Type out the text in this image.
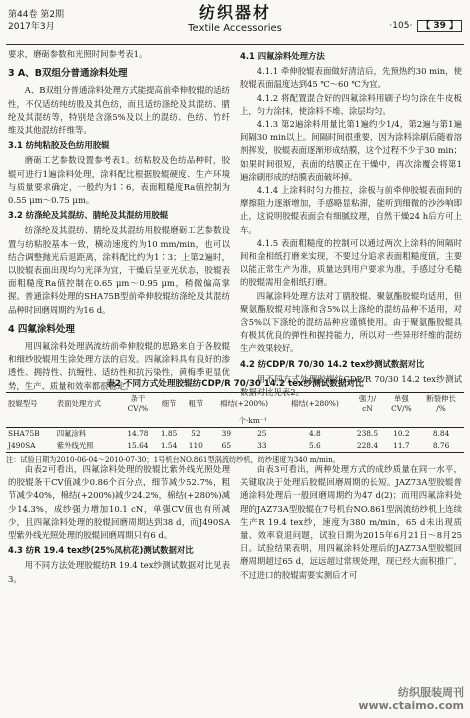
第44卷 第2期
2017年3月
纺织器材
Textile Accessories	·105· 【 39 】

要求，磨砺参数和光照时间参考表1。

3 A、B双组分普通涂料处理

A、B双组分普通涂料处理方式能提高前牵伸胶辊的适纺性，不仅适纺纯纺股及其色纺，而且适纺涤纶及其混纺、腈纶及其混纺等，特别是含涤5%及以上的混纺、色纺、竹纤维及其他混纺纤维等。

3.1 纺纯粘胶及色纺用胶辊

磨砺工艺参数设置参考表1。纺粘胶及色纺品种时，胶辊可进行1遍涂料处理，涂料配比根据胶辊硬度、生产环境与质量要求确定，一般约为1∶6，表面粗糙度Ra值控制为0.55 μm～0.75 μm。

3.2 纺涤纶及其混纺、腈纶及其混纺用胶辊

纺涤纶及其混纺、腈纶及其混纺用胶辊磨砺工艺参数设置与纺粘胶基本一致，横动速度约为10 mm/min，也可以结合调整抛光后退距离，涂料配比约为1∶3；上第2遍时，以胶辊表面出现均匀光泽为宜，干燥后呈亚光状态，胶辊表面粗糙度Ra值控制在0.65 μm～0.95 μm，稍微偏高掌握。普通涂料处理的SHA75B型前牵伸胶辊纺涤纶及其混纺品种时回磨周期约为16 d。

4 四氟涂料处理

用四氟涂料处理涡流纺前牵伸胶辊的思路来自于各胶辊和细纱胶辊用生涂处理方法的启发。四氟涂料具有良好的渗透性、拥持性、抗缠性、适纺性和抗污染性，黄梅季更显优势，生产、质量和效率都很稳定。

4.1 四氟涂料处理方法

4.1.1 牵伸胶辊表面做好清洁后，先预热约30 min，使胶辊表面温度达到45 ℃～60 ℃为宜。

4.1.2 将配置混合好的四氟涂料用刷子均匀涂在牛皮板上，匀力涂抹，使涂料不堆、涂层均匀。

4.1.3 第2遍涂料用量比第1遍约少1/4，第2遍与第1遍间隔30 min以上。间隔时间很重要，因为涂料涂刷后随着溶剂挥发，胶辊表面逐渐形成结膜，这个过程不少于30 min；如果时间很短，表面的结膜正在干燥中，再次涂覆会将第1遍涂刷形成的结膜表面破坏掉。

4.1.4 上涂料时匀力推拉，涂板与前牵伸胶辊表面间的摩擦阻力逐渐增加，手感略显粘滞，能听到细微的沙沙响即止，这说明胶辊表面会有细腻纹理，自然干燥24 h后方可上车。

4.1.5 表面粗糙度的控制可以通过两次上涂料的间隔时间和金相纸打磨来实现，不要过分追求表面粗糙度值，主要以能正常生产为准，质量达到用户要求为准，手感过分毛糙的胶辊需用金相纸打磨。

四氟涂料处理方法对丁腈胶辊、聚氨酯胶辊均适用，但聚氨酯胶辊对纯涤和含5%以上涤纶的混纺品种不适用，对含5%以下涤纶的混纺品种应谨慎使用。由于聚氨酯胶辊具有极其优良的弹性和握持能力，所以对一些异形纤维的混纺生产效果较好。

4.2 纺CDP/R 70/30 14.2 tex纱测试数据对比

用不同方式处理胶辊纺CDP/R 70/30 14.2 tex纱测试数据对比见表2。

表2 不同方式处理胶辊纺CDP/R 70/30 14.2 tex纱测试数据对比
胶辊型号	表面处理方式	条干
CV/%	细节	粗节	棉结(+200%)		棉结(+280%)	强力/
cN	单强
CV/%	断裂伸长
/%
			个·km⁻¹							
SHA75B	四氟涂料	14.78	1.85	52	39	25	4.8	238.5	10.2	8.84
J490SA	紫外线光照	15.64	1.54	110	65	33	5.6	228.4	11.7	8.76
注：试验日期为2010-06-04～2010-07-30；1号机台NO.861型涡流纺纱机，纺纱速度为340 m/min。

由表2可看出，四氟涂料处理的胶辊比紫外线光照处理的胶辊条干CV值减少0.86个百分点，细节减少52.7%，粗节减少40%，棉结(+200%)减少24.2%，棉结(+280%)减少14.3%，成纱强力增加10.1 cN，单强CV值也有所减少，且四氟涂料处理的胶辊回磨周期达到38 d，而J490SA型紫外线光照处理的胶辊回磨周期只有6 d。

4.3 纺R 19.4 tex纱(25%凤杭花)测试数据对比

用不同方法处理胶辊纺R 19.4 tex纱测试数据对比见表3。

由表3可看出，两种处理方式的成纱质量在同一水平，关键取决于处理后胶辊回磨周期的长短。JAZ73A型胶辊普通涂料处理后一般回磨周期约为47 d(2)；而用四氟涂料处理的JAZ73A型胶辊在7号机台NO.861型涡流纺纱机上连续生产R 19.4 tex纱，速度为380 m/min，65 d未出现质量、效率衰退问题，试验日期为2015年6月21日～8月25日。试验结果表明，用四氟涂料处理后的JAZ73A型胶辊回磨周期超过65 d，远远超过常规处理，现已经大面积推广，不过进口的胶辊需要实测后才可

纺织服装周刊
www.ctaimo.com
